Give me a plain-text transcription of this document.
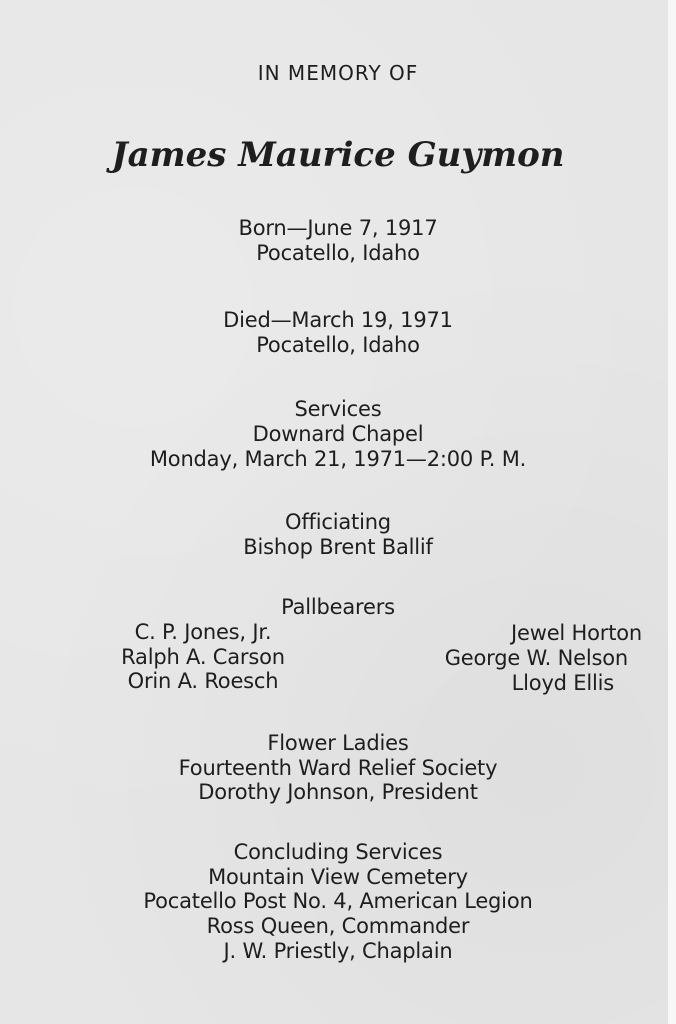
IN MEMORY OF
James Maurice Guymon
Born—June 7, 1917
Pocatello, Idaho
Died—March 19, 1971
Pocatello, Idaho
Services
Downard Chapel
Monday, March 21, 1971—2:00 P. M.
Officiating
Bishop Brent Ballif
Pallbearers
C. P. Jones, Jr.
Ralph A. Carson
Orin A. Roesch
Jewel Horton
George W. Nelson
Lloyd Ellis
Flower Ladies
Fourteenth Ward Relief Society
Dorothy Johnson, President
Concluding Services
Mountain View Cemetery
Pocatello Post No. 4, American Legion
Ross Queen, Commander
J. W. Priestly, Chaplain
